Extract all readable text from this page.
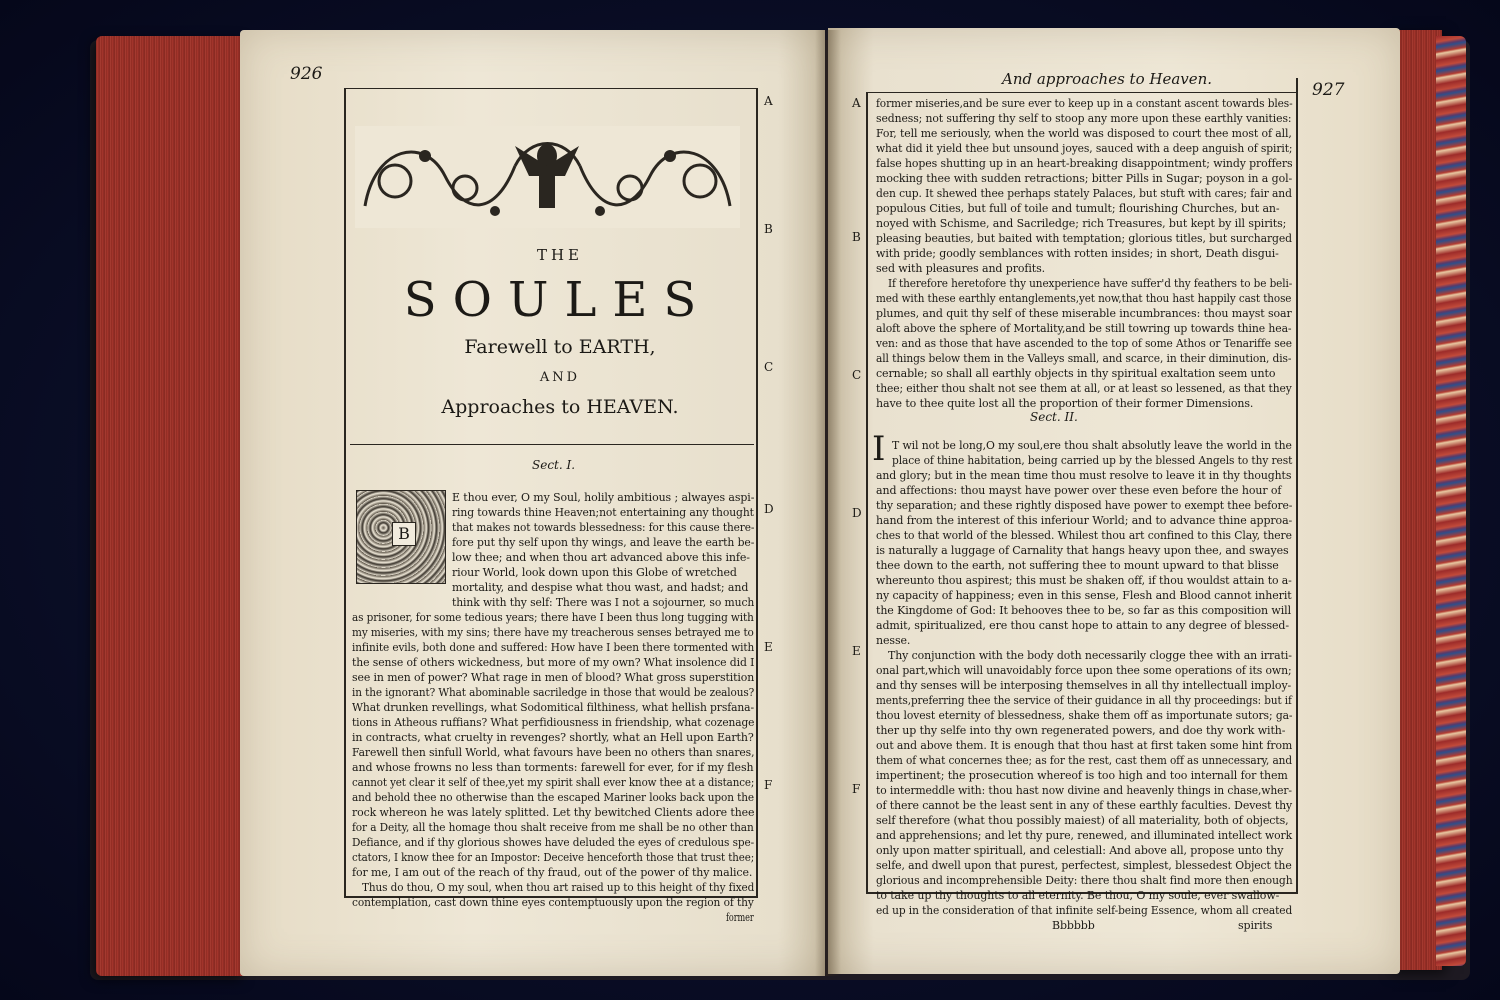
926
THE
SOULES
Farewell to EARTH,
AND
Approaches to HEAVEN.
Sect. I.
B
A
B
C
D
E
F
E thou ever, O my Soul, holily ambitious ; alwayes aspi-
ring towards thine Heaven;not entertaining any thought
that makes not towards blessedness: for this cause there-
fore put thy self upon thy wings, and leave the earth be-
low thee; and when thou art advanced above this infe-
riour World, look down upon this Globe of wretched
mortality, and despise what thou wast, and hadst; and
think with thy self: There was I not a sojourner, so much
as prisoner, for some tedious years; there have I been thus long tugging with
my miseries, with my sins; there have my treacherous senses betrayed me to
infinite evils, both done and suffered: How have I been there tormented with
the sense of others wickedness, but more of my own? What insolence did I
see in men of power? What rage in men of blood? What gross superstition
in the ignorant? What abominable sacriledge in those that would be zealous?
What drunken revellings, what Sodomitical filthiness, what hellish prsfana-
tions in Atheous ruffians? What perfidiousness in friendship, what cozenage
in contracts, what cruelty in revenges? shortly, what an Hell upon Earth?
Farewell then sinfull World, what favours have been no others than snares,
and whose frowns no less than torments: farewell for ever, for if my flesh
cannot yet clear it self of thee,yet my spirit shall ever know thee at a distance;
and behold thee no otherwise than the escaped Mariner looks back upon the
rock whereon he was lately splitted. Let thy bewitched Clients adore thee
for a Deity, all the homage thou shalt receive from me shall be no other than
Defiance, and if thy glorious showes have deluded the eyes of credulous spe-
ctators, I know thee for an Impostor: Deceive henceforth those that trust thee;
for me, I am out of the reach of thy fraud, out of the power of thy malice.
Thus do thou, O my soul, when thou art raised up to this height of thy fixed
contemplation, cast down thine eyes contemptuously upon the region of thy
former
And approaches to Heaven.
927
A
B
C
D
E
F
former miseries,and be sure ever to keep up in a constant ascent towards bles-
sedness; not suffering thy self to stoop any more upon these earthly vanities:
For, tell me seriously, when the world was disposed to court thee most of all,
what did it yield thee but unsound joyes, sauced with a deep anguish of spirit;
false hopes shutting up in an heart-breaking disappointment; windy proffers
mocking thee with sudden retractions; bitter Pills in Sugar; poyson in a gol-
den cup. It shewed thee perhaps stately Palaces, but stuft with cares; fair and
populous Cities, but full of toile and tumult; flourishing Churches, but an-
noyed with Schisme, and Sacriledge; rich Treasures, but kept by ill spirits;
pleasing beauties, but baited with temptation; glorious titles, but surcharged
with pride; goodly semblances with rotten insides; in short, Death disgui-
sed with pleasures and profits.
If therefore heretofore thy unexperience have suffer'd thy feathers to be beli-
med with these earthly entanglements,yet now,that thou hast happily cast those
plumes, and quit thy self of these miserable incumbrances: thou mayst soar
aloft above the sphere of Mortality,and be still towring up towards thine hea-
ven: and as those that have ascended to the top of some Athos or Tenariffe see
all things below them in the Valleys small, and scarce, in their diminution, dis-
cernable; so shall all earthly objects in thy spiritual exaltation seem unto
thee; either thou shalt not see them at all, or at least so lessened, as that they
have to thee quite lost all the proportion of their former Dimensions.
Sect. II.
I T wil not be long,O my soul,ere thou shalt absolutly leave the world in the
place of thine habitation, being carried up by the blessed Angels to thy rest
and glory; but in the mean time thou must resolve to leave it in thy thoughts
and affections: thou mayst have power over these even before the hour of
thy separation; and these rightly disposed have power to exempt thee before-
hand from the interest of this inferiour World; and to advance thine approa-
ches to that world of the blessed. Whilest thou art confined to this Clay, there
is naturally a luggage of Carnality that hangs heavy upon thee, and swayes
thee down to the earth, not suffering thee to mount upward to that blisse
whereunto thou aspirest; this must be shaken off, if thou wouldst attain to a-
ny capacity of happiness; even in this sense, Flesh and Blood cannot inherit
the Kingdome of God: It behooves thee to be, so far as this composition will
admit, spiritualized, ere thou canst hope to attain to any degree of blessed-
nesse.
Thy conjunction with the body doth necessarily clogge thee with an irrati-
onal part,which will unavoidably force upon thee some operations of its own;
and thy senses will be interposing themselves in all thy intellectuall imploy-
ments,preferring thee the service of their guidance in all thy proceedings: but if
thou lovest eternity of blessedness, shake them off as importunate sutors; ga-
ther up thy selfe into thy own regenerated powers, and doe thy work with-
out and above them. It is enough that thou hast at first taken some hint from
them of what concernes thee; as for the rest, cast them off as unnecessary, and
impertinent; the prosecution whereof is too high and too internall for them
to intermeddle with: thou hast now divine and heavenly things in chase,wher-
of there cannot be the least sent in any of these earthly faculties. Devest thy
self therefore (what thou possibly maiest) of all materiality, both of objects,
and apprehensions; and let thy pure, renewed, and illuminated intellect work
only upon matter spirituall, and celestiall: And above all, propose unto thy
selfe, and dwell upon that purest, perfectest, simplest, blessedest Object the
glorious and incomprehensible Deity: there thou shalt find more then enough
to take up thy thoughts to all eternity. Be thou, O my soule, ever swallow-
ed up in the consideration of that infinite self-being Essence, whom all created
Bbbbbb	spirits
